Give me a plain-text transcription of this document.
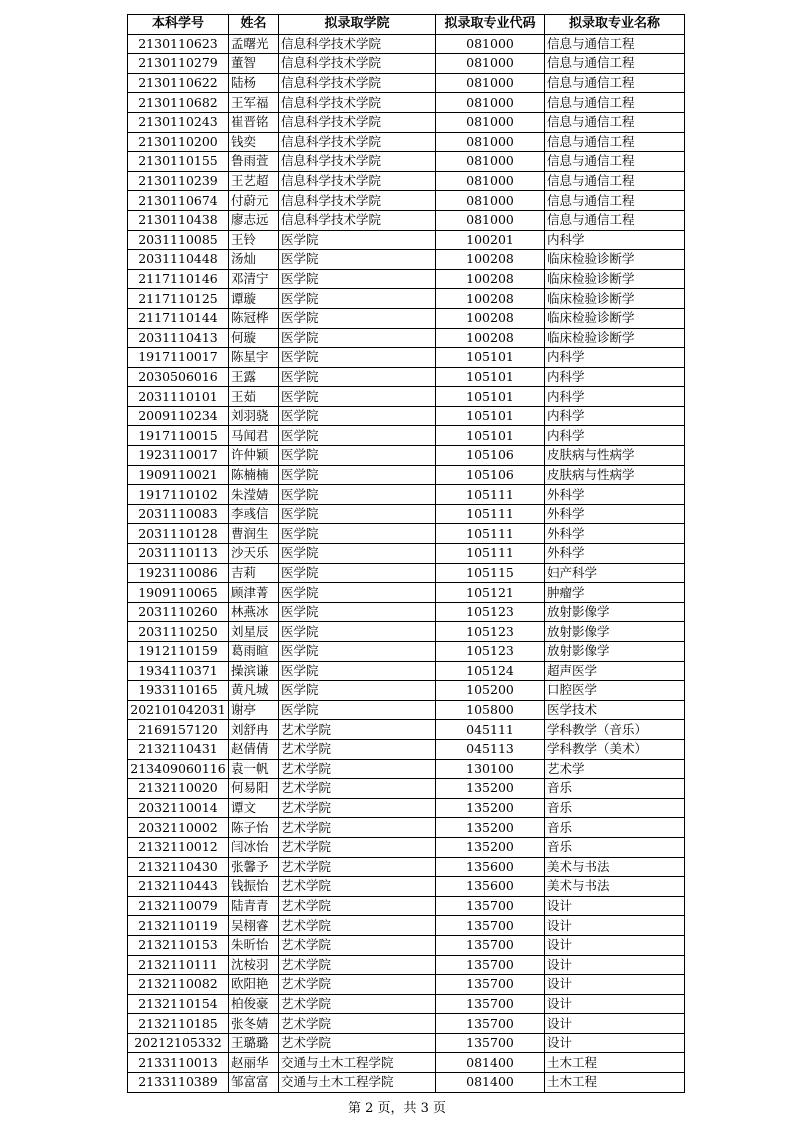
本科学号	姓名	拟录取学院	拟录取专业代码	拟录取专业名称
2130110623	孟曙光	信息科学技术学院	081000	信息与通信工程
2130110279	董智	信息科学技术学院	081000	信息与通信工程
2130110622	陆杨	信息科学技术学院	081000	信息与通信工程
2130110682	王军福	信息科学技术学院	081000	信息与通信工程
2130110243	崔晋铭	信息科学技术学院	081000	信息与通信工程
2130110200	钱奕	信息科学技术学院	081000	信息与通信工程
2130110155	鲁雨萱	信息科学技术学院	081000	信息与通信工程
2130110239	王艺超	信息科学技术学院	081000	信息与通信工程
2130110674	付蔚元	信息科学技术学院	081000	信息与通信工程
2130110438	廖志远	信息科学技术学院	081000	信息与通信工程
2031110085	王铃	医学院	100201	内科学
2031110448	汤灿	医学院	100208	临床检验诊断学
2117110146	邓清宁	医学院	100208	临床检验诊断学
2117110125	谭璇	医学院	100208	临床检验诊断学
2117110144	陈冠桦	医学院	100208	临床检验诊断学
2031110413	何璇	医学院	100208	临床检验诊断学
1917110017	陈星宇	医学院	105101	内科学
2030506016	王露	医学院	105101	内科学
2031110101	王茹	医学院	105101	内科学
2009110234	刘羽骁	医学院	105101	内科学
1917110015	马闻君	医学院	105101	内科学
1923110017	许仲颖	医学院	105106	皮肤病与性病学
1909110021	陈楠楠	医学院	105106	皮肤病与性病学
1917110102	朱滢婧	医学院	105111	外科学
2031110083	李彧信	医学院	105111	外科学
2031110128	曹润生	医学院	105111	外科学
2031110113	沙天乐	医学院	105111	外科学
1923110086	吉莉	医学院	105115	妇产科学
1909110065	顾津菁	医学院	105121	肿瘤学
2031110260	林燕冰	医学院	105123	放射影像学
2031110250	刘星辰	医学院	105123	放射影像学
1912110159	葛雨暄	医学院	105123	放射影像学
1934110371	操滨谦	医学院	105124	超声医学
1933110165	黄凡城	医学院	105200	口腔医学
202101042031	谢亭	医学院	105800	医学技术
2169157120	刘舒冉	艺术学院	045111	学科教学（音乐）
2132110431	赵倩倩	艺术学院	045113	学科教学（美术）
213409060116	袁一帆	艺术学院	130100	艺术学
2132110020	何易阳	艺术学院	135200	音乐
2032110014	谭文	艺术学院	135200	音乐
2032110002	陈子怡	艺术学院	135200	音乐
2132110012	闫冰怡	艺术学院	135200	音乐
2132110430	张馨予	艺术学院	135600	美术与书法
2132110443	钱振怡	艺术学院	135600	美术与书法
2132110079	陆青青	艺术学院	135700	设计
2132110119	吴栩睿	艺术学院	135700	设计
2132110153	朱昕怡	艺术学院	135700	设计
2132110111	沈桉羽	艺术学院	135700	设计
2132110082	欧阳艳	艺术学院	135700	设计
2132110154	柏俊豪	艺术学院	135700	设计
2132110185	张冬婧	艺术学院	135700	设计
20212105332	王璐璐	艺术学院	135700	设计
2133110013	赵丽华	交通与土木工程学院	081400	土木工程
2133110389	邹富富	交通与土木工程学院	081400	土木工程
第 2 页，共 3 页
